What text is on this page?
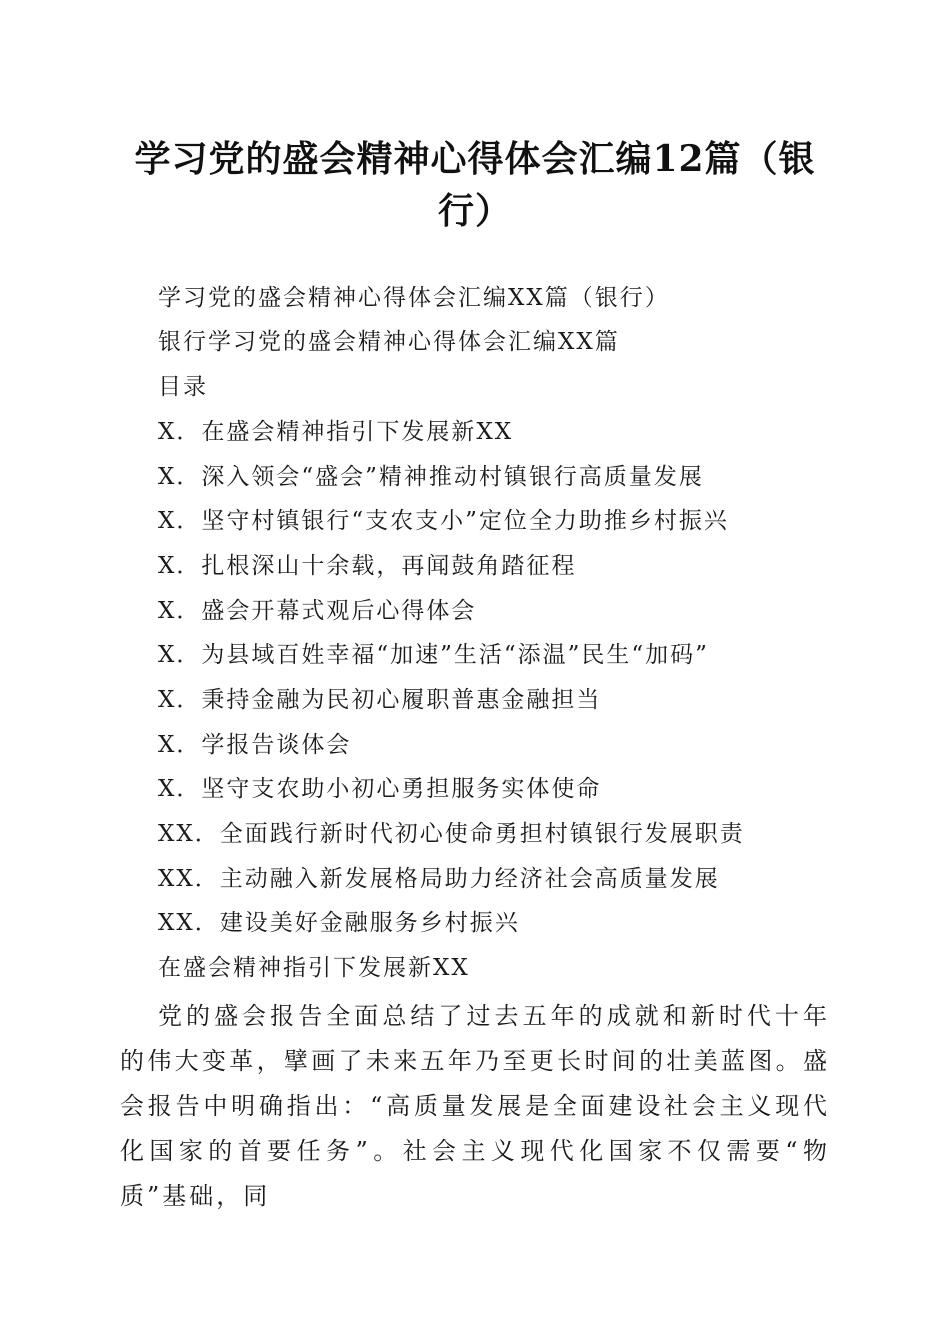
学习党的盛会精神心得体会汇编12篇（银行）
学习党的盛会精神心得体会汇编XX篇（银行）
银行学习党的盛会精神心得体会汇编XX篇
目录
X．在盛会精神指引下发展新XX
X．深入领会“盛会”精神推动村镇银行高质量发展
X．坚守村镇银行“支农支小”定位全力助推乡村振兴
X．扎根深山十余载，再闻鼓角踏征程
X．盛会开幕式观后心得体会
X．为县域百姓幸福“加速”生活“添温”民生“加码”
X．秉持金融为民初心履职普惠金融担当
X．学报告谈体会
X．坚守支农助小初心勇担服务实体使命
XX．全面践行新时代初心使命勇担村镇银行发展职责
XX．主动融入新发展格局助力经济社会高质量发展
XX．建设美好金融服务乡村振兴
在盛会精神指引下发展新XX

党的盛会报告全面总结了过去五年的成就和新时代十年的伟大变革，擘画了未来五年乃至更长时间的壮美蓝图。盛会报告中明确指出：“高质量发展是全面建设社会主义现代化国家的首要任务”。社会主义现代化国家不仅需要“物质”基础，同
